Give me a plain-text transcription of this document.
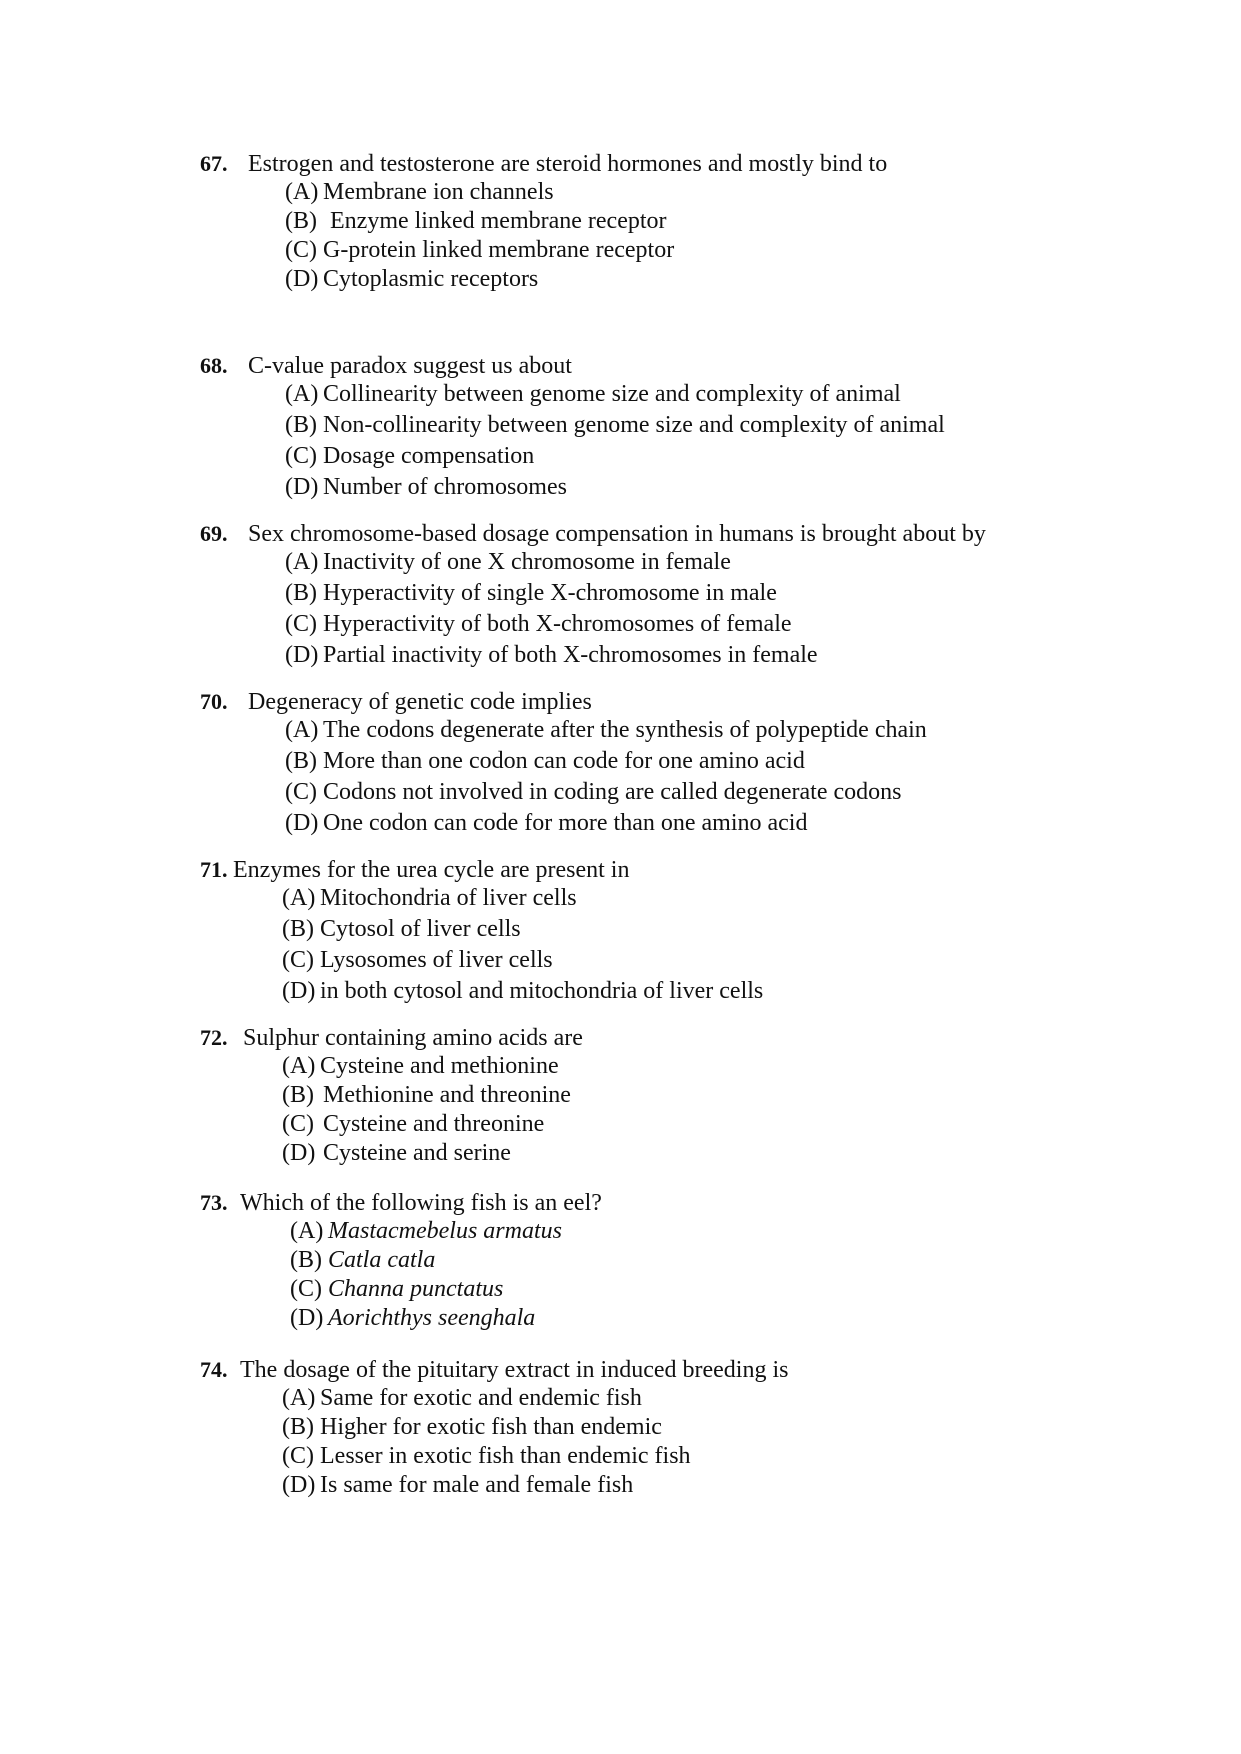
67. Estrogen and testosterone are steroid hormones and mostly bind to
(A) Membrane ion channels
(B) Enzyme linked membrane receptor
(C) G-protein linked membrane receptor
(D) Cytoplasmic receptors
68. C-value paradox suggest us about
(A) Collinearity between genome size and complexity of animal
(B) Non-collinearity between genome size and complexity of animal
(C) Dosage compensation
(D) Number of chromosomes
69. Sex chromosome-based dosage compensation in humans is brought about by
(A) Inactivity of one X chromosome in female
(B) Hyperactivity of single X-chromosome in male
(C) Hyperactivity of both X-chromosomes of female
(D) Partial inactivity of both X-chromosomes in female
70. Degeneracy of genetic code implies
(A) The codons degenerate after the synthesis of polypeptide chain
(B) More than one codon can code for one amino acid
(C) Codons not involved in coding are called degenerate codons
(D) One codon can code for more than one amino acid
71. Enzymes for the urea cycle are present in
(A) Mitochondria of liver cells
(B) Cytosol of liver cells
(C) Lysosomes of liver cells
(D) in both cytosol and mitochondria of liver cells
72. Sulphur containing amino acids are
(A) Cysteine and methionine
(B) Methionine and threonine
(C) Cysteine and threonine
(D) Cysteine and serine
73. Which of the following fish is an eel?
(A) Mastacmebelus armatus
(B) Catla catla
(C) Channa punctatus
(D) Aorichthys seenghala
74. The dosage of the pituitary extract in induced breeding is
(A) Same for exotic and endemic fish
(B) Higher for exotic fish than endemic
(C) Lesser in exotic fish than endemic fish
(D) Is same for male and female fish
